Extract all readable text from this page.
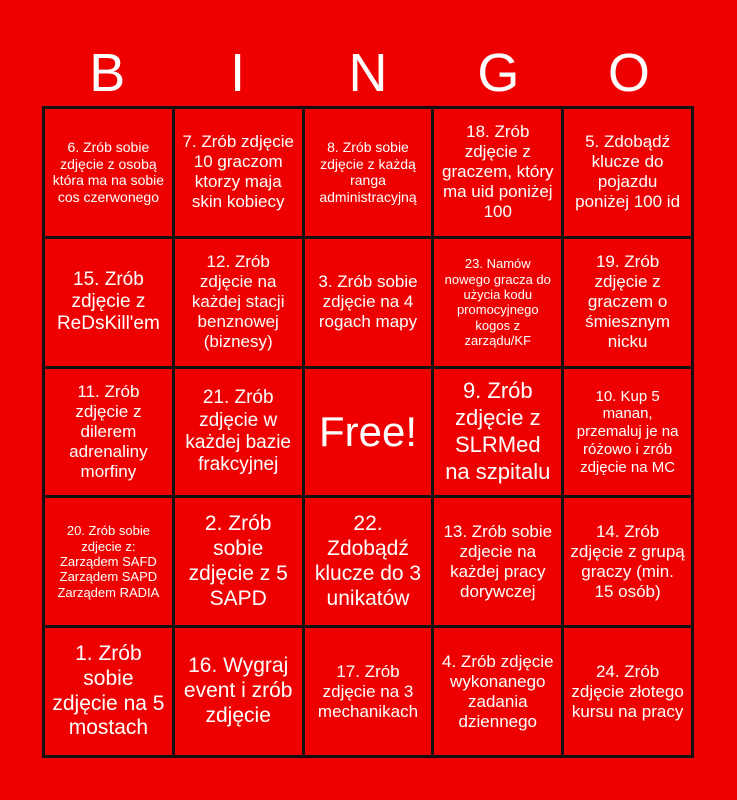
B	I	N	G	O
6. Zrób sobie zdjęcie z osobą która ma na sobie cos czerwonego
7. Zrób zdjęcie 10 graczom ktorzy maja skin kobiecy
8. Zrób sobie zdjęcie z każdą ranga administracyjną
18. Zrób zdjęcie z graczem, który ma uid poniżej 100
5. Zdobądź klucze do pojazdu poniżej 100 id
15. Zrób zdjęcie z ReDsKill'em
12. Zrób zdjęcie na każdej stacji benznowej (biznesy)
3. Zrób sobie zdjęcie na 4 rogach mapy
23. Namów nowego gracza do użycia kodu promocyjnego kogos z zarządu/KF
19. Zrób zdjęcie z graczem o śmiesznym nicku
11. Zrób zdjęcie z dilerem adrenaliny morfiny
21. Zrób zdjęcie w każdej bazie frakcyjnej
Free!
9. Zrób zdjęcie z SLRMed na szpitalu
10. Kup 5 manan, przemaluj je na różowo i zrób zdjęcie na MC
20. Zrób sobie zdjecie z:
Zarządem SAFD
Zarządem SAPD
Zarządem RADIA
2. Zrób sobie zdjęcie z 5 SAPD
22. Zdobądź klucze do 3 unikatów
13. Zrób sobie zdjecie na każdej pracy dorywczej
14. Zrób zdjęcie z grupą graczy (min. 15 osób)
1. Zrób sobie zdjęcie na 5 mostach
16. Wygraj event i zrób zdjęcie
17. Zrób zdjęcie na 3 mechanikach
4. Zrób zdjęcie wykonanego zadania dziennego
24. Zrób zdjęcie złotego kursu na pracy
